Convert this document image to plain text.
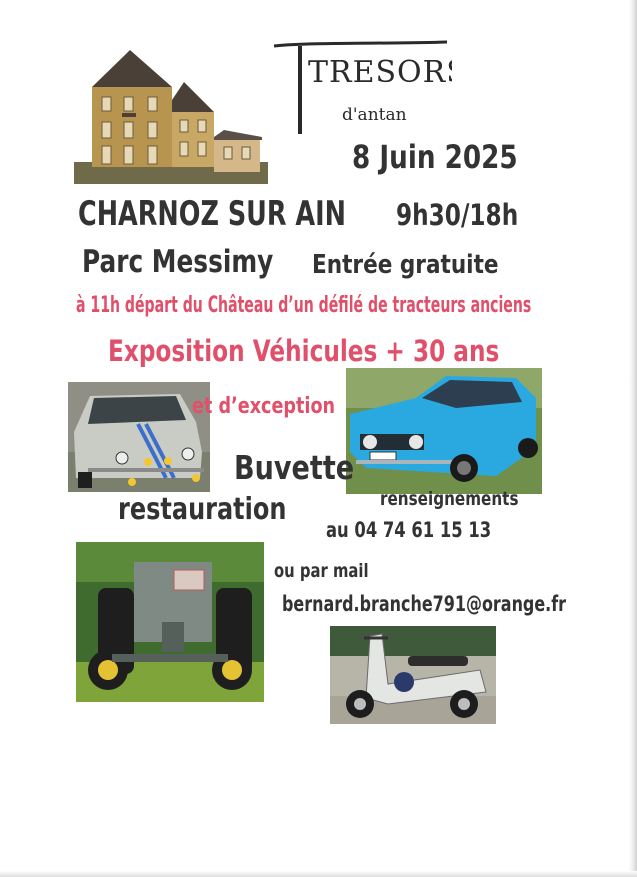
TRESORS
d'antan
8 Juin 2025
CHARNOZ SUR AIN	9h30/18h
Parc Messimy	Entrée gratuite
à 11h départ du Château d’un défilé de tracteurs anciens
Exposition Véhicules + 30 ans
et d’exception
Buvette
restauration	renseignements
au 04 74 61 15 13
ou par mail
bernard.branche791@orange.fr
